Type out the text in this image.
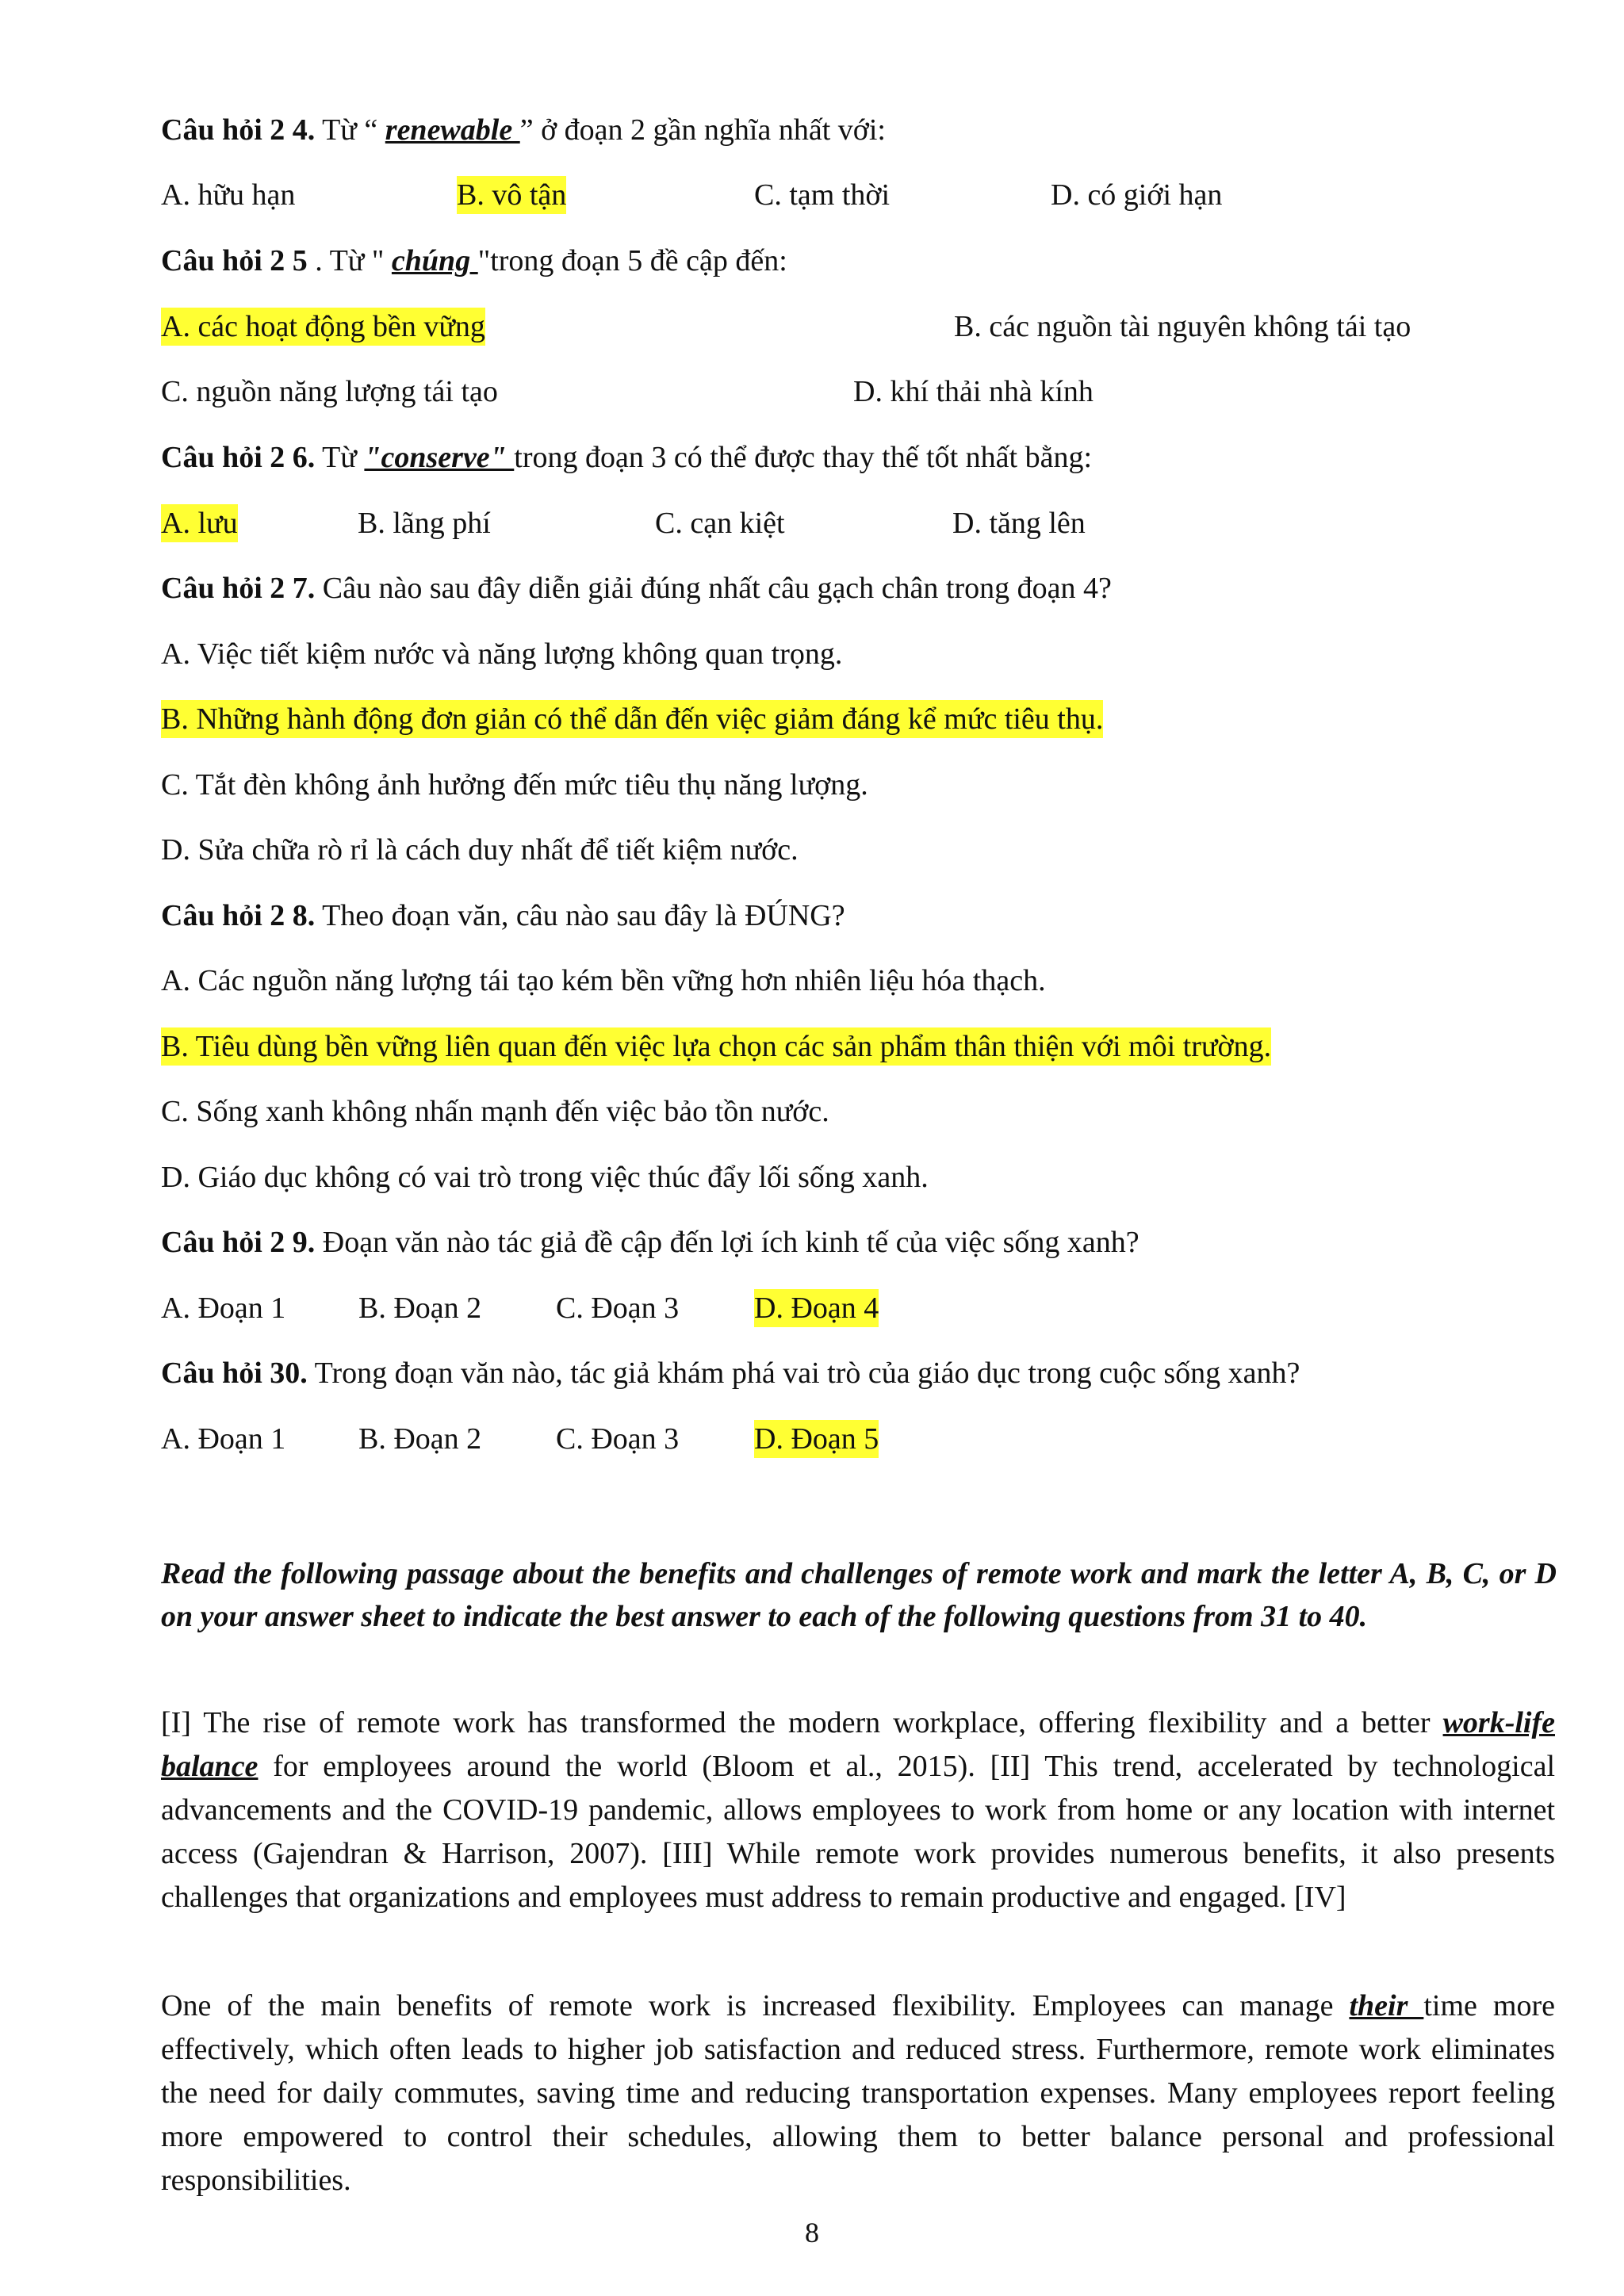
Câu hỏi 2 4. Từ “ renewable ” ở đoạn 2 gần nghĩa nhất với:
A. hữu hạn	B. vô tận	C. tạm thời	D. có giới hạn
Câu hỏi 2 5 . Từ " chúng "trong đoạn 5 đề cập đến:
A. các hoạt động bền vững	B. các nguồn tài nguyên không tái tạo
C. nguồn năng lượng tái tạo	D. khí thải nhà kính
Câu hỏi 2 6. Từ "conserve" trong đoạn 3 có thể được thay thế tốt nhất bằng:
A. lưu	B. lãng phí	C. cạn kiệt	D. tăng lên
Câu hỏi 2 7. Câu nào sau đây diễn giải đúng nhất câu gạch chân trong đoạn 4?
A. Việc tiết kiệm nước và năng lượng không quan trọng.
B. Những hành động đơn giản có thể dẫn đến việc giảm đáng kể mức tiêu thụ.
C. Tắt đèn không ảnh hưởng đến mức tiêu thụ năng lượng.
D. Sửa chữa rò rỉ là cách duy nhất để tiết kiệm nước.
Câu hỏi 2 8. Theo đoạn văn, câu nào sau đây là ĐÚNG?
A. Các nguồn năng lượng tái tạo kém bền vững hơn nhiên liệu hóa thạch.
B. Tiêu dùng bền vững liên quan đến việc lựa chọn các sản phẩm thân thiện với môi trường.
C. Sống xanh không nhấn mạnh đến việc bảo tồn nước.
D. Giáo dục không có vai trò trong việc thúc đẩy lối sống xanh.
Câu hỏi 2 9. Đoạn văn nào tác giả đề cập đến lợi ích kinh tế của việc sống xanh?
A. Đoạn 1 B. Đoạn 2 C. Đoạn 3 D. Đoạn 4
Câu hỏi 30. Trong đoạn văn nào, tác giả khám phá vai trò của giáo dục trong cuộc sống xanh?
A. Đoạn 1 B. Đoạn 2 C. Đoạn 3 D. Đoạn 5
Read the following passage about the benefits and challenges of remote work and mark the letter A, B, C, or D on your answer sheet to indicate the best answer to each of the following questions from 31 to 40.
[I] The rise of remote work has transformed the modern workplace, offering flexibility and a better work-life balance for employees around the world (Bloom et al., 2015). [II] This trend, accelerated by technological advancements and the COVID-19 pandemic, allows employees to work from home or any location with internet access (Gajendran & Harrison, 2007). [III] While remote work provides numerous benefits, it also presents challenges that organizations and employees must address to remain productive and engaged. [IV]
One of the main benefits of remote work is increased flexibility. Employees can manage their time more effectively, which often leads to higher job satisfaction and reduced stress. Furthermore, remote work eliminates the need for daily commutes, saving time and reducing transportation expenses. Many employees report feeling more empowered to control their schedules, allowing them to better balance personal and professional responsibilities.
8
